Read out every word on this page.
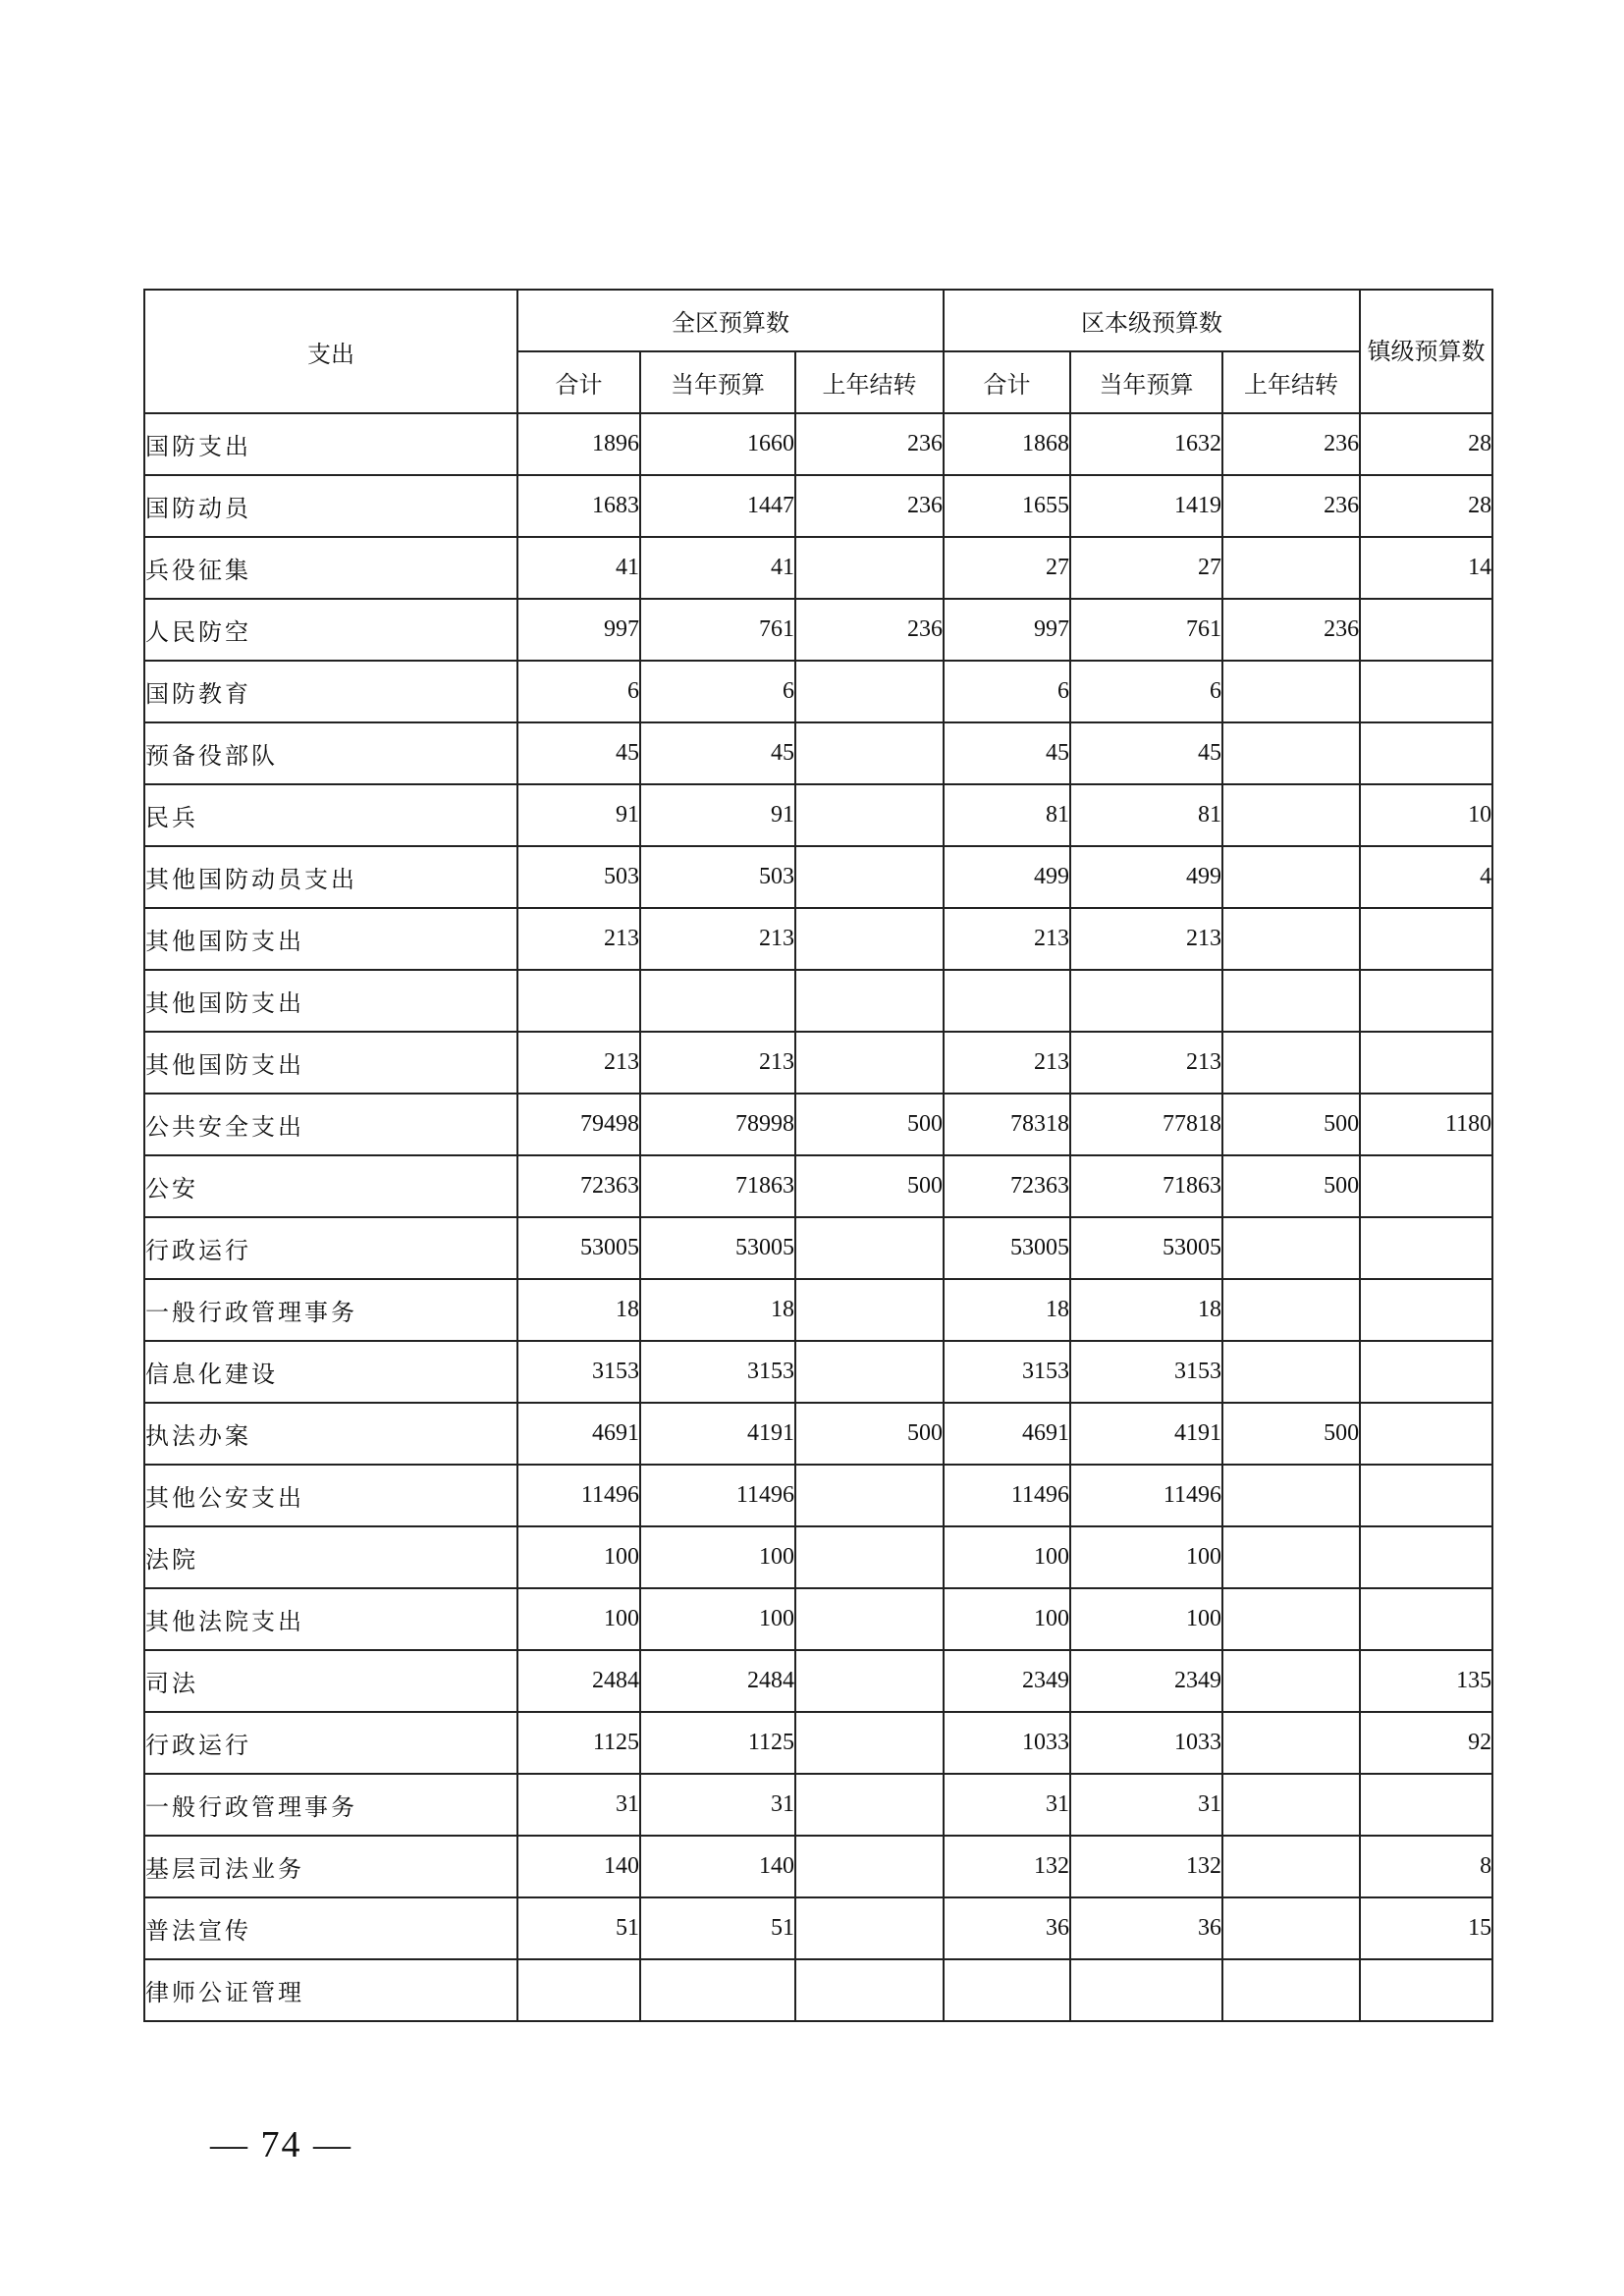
支出	全区预算数			区本级预算数			镇级预算数
	合计	当年预算	上年结转	合计	当年预算	上年结转	
国防支出	1896	1660	236	1868	1632	236	28
国防动员	1683	1447	236	1655	1419	236	28
兵役征集	41	41		27	27		14
人民防空	997	761	236	997	761	236	
国防教育	6	6		6	6		
预备役部队	45	45		45	45		
民兵	91	91		81	81		10
其他国防动员支出	503	503		499	499		4
其他国防支出	213	213		213	213		
其他国防支出							
其他国防支出	213	213		213	213		
公共安全支出	79498	78998	500	78318	77818	500	1180
公安	72363	71863	500	72363	71863	500	
行政运行	53005	53005		53005	53005		
一般行政管理事务	18	18		18	18		
信息化建设	3153	3153		3153	3153		
执法办案	4691	4191	500	4691	4191	500	
其他公安支出	11496	11496		11496	11496		
法院	100	100		100	100		
其他法院支出	100	100		100	100		
司法	2484	2484		2349	2349		135
行政运行	1125	1125		1033	1033		92
一般行政管理事务	31	31		31	31		
基层司法业务	140	140		132	132		8
普法宣传	51	51		36	36		15
律师公证管理							
— 74 —
